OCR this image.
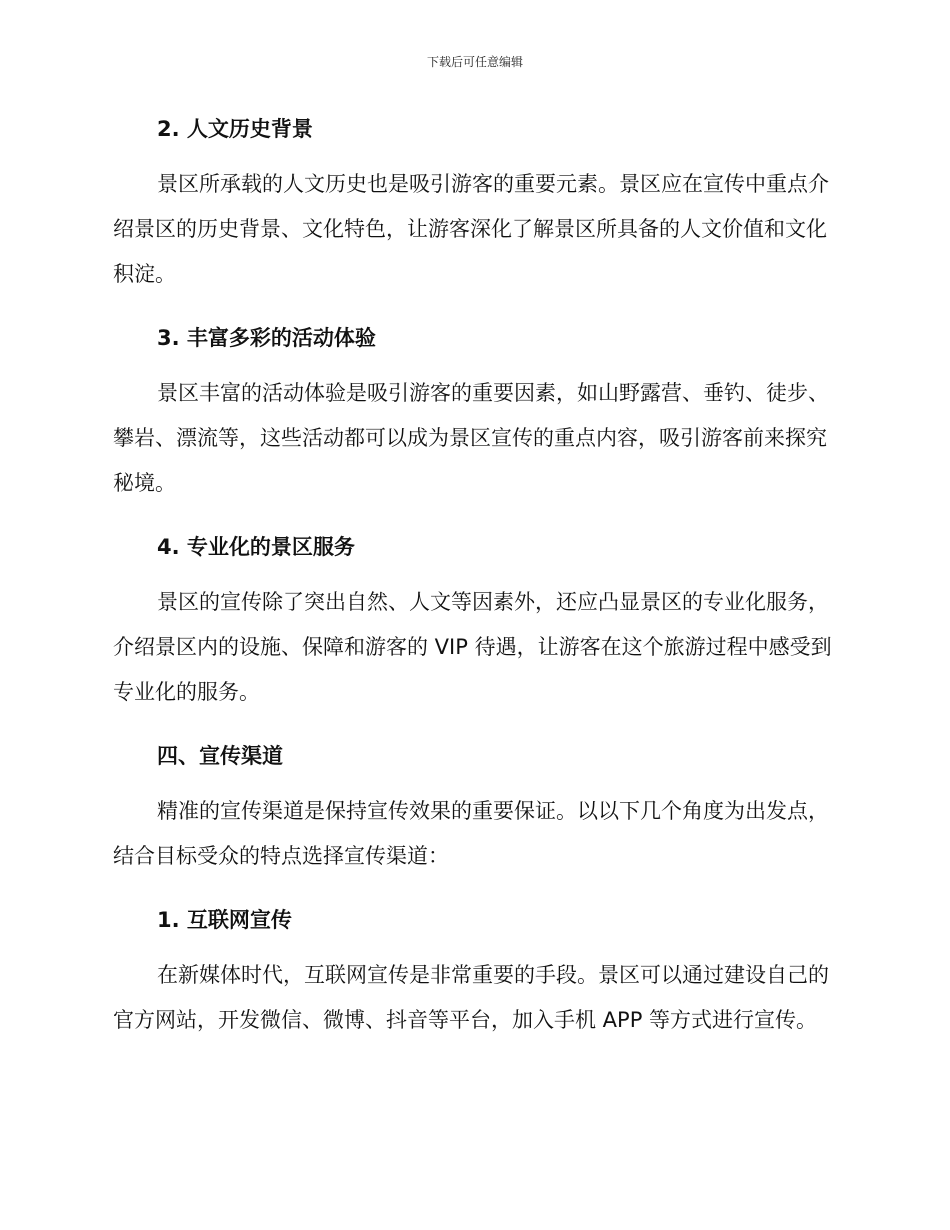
下载后可任意编辑
2. 人文历史背景

景区所承载的人文历史也是吸引游客的重要元素。景区应在宣传中重点介绍景区的历史背景、文化特色，让游客深化了解景区所具备的人文价值和文化积淀。

3. 丰富多彩的活动体验

景区丰富的活动体验是吸引游客的重要因素，如山野露营、垂钓、徒步、攀岩、漂流等，这些活动都可以成为景区宣传的重点内容，吸引游客前来探究秘境。

4. 专业化的景区服务

景区的宣传除了突出自然、人文等因素外，还应凸显景区的专业化服务，介绍景区内的设施、保障和游客的 VIP 待遇，让游客在这个旅游过程中感受到专业化的服务。

四、宣传渠道

精准的宣传渠道是保持宣传效果的重要保证。以以下几个角度为出发点，结合目标受众的特点选择宣传渠道：

1. 互联网宣传

在新媒体时代，互联网宣传是非常重要的手段。景区可以通过建设自己的官方网站，开发微信、微博、抖音等平台，加入手机 APP 等方式进行宣传。
